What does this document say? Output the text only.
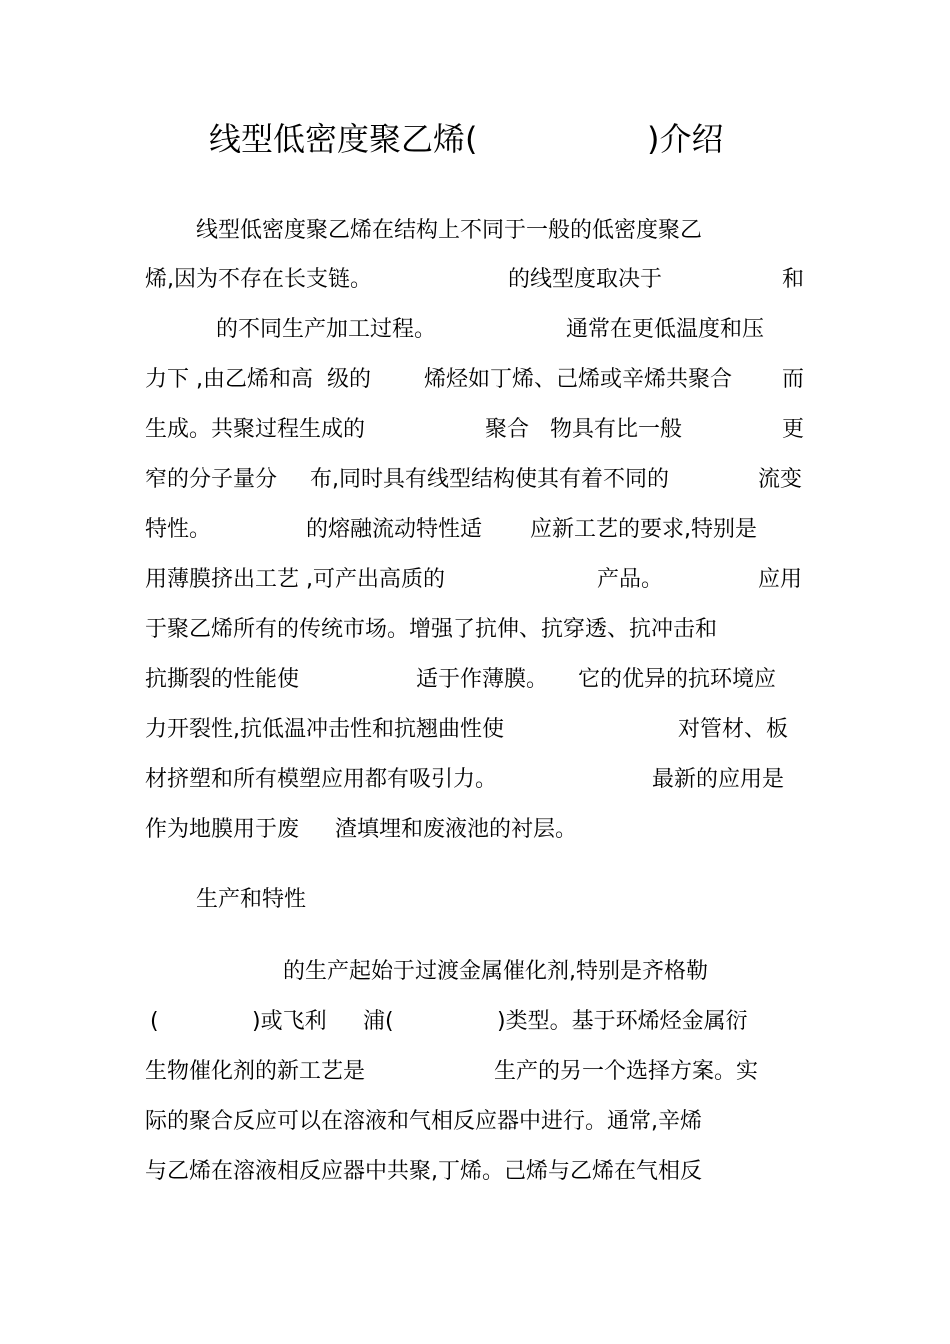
线型低密度聚乙烯(	)介绍

线型低密度聚乙烯在结构上不同于一般的低密度聚乙

烯,因为不存在长支链。

	的线型度取决于

	和

的不同生产加工过程。

	通常在更低温度和压

力下 ,由乙烯和高  级的

烯烃如丁烯、己烯或辛烯共聚合

而

生成。共聚过程生成的

	聚合

物具有比一般

	更

窄的分子量分

布,同时具有线型结构使其有着不同的

	流变

特性。

	的熔融流动特性适

应新工艺的要求,特别是

用薄膜挤出工艺 ,可产出高质的

	产品。

	应用

于聚乙烯所有的传统市场。增强了抗伸、抗穿透、抗冲击和

抗撕裂的性能使

	适于作薄膜。

它的优异的抗环境应

力开裂性,抗低温冲击性和抗翘曲性使

	对管材、板

材挤塑和所有模塑应用都有吸引力。

	最新的应用是

作为地膜用于废

渣填埋和废液池的衬层。

生产和特性

的生产起始于过渡金属催化剂,特别是齐格勒

(

	)或飞利

浦(

	)类型。基于环烯烃金属衍

生物催化剂的新工艺是

	生产的另一个选择方案。实

际的聚合反应可以在溶液和气相反应器中进行。通常,辛烯

与乙烯在溶液相反应器中共聚,丁烯。己烯与乙烯在气相反
